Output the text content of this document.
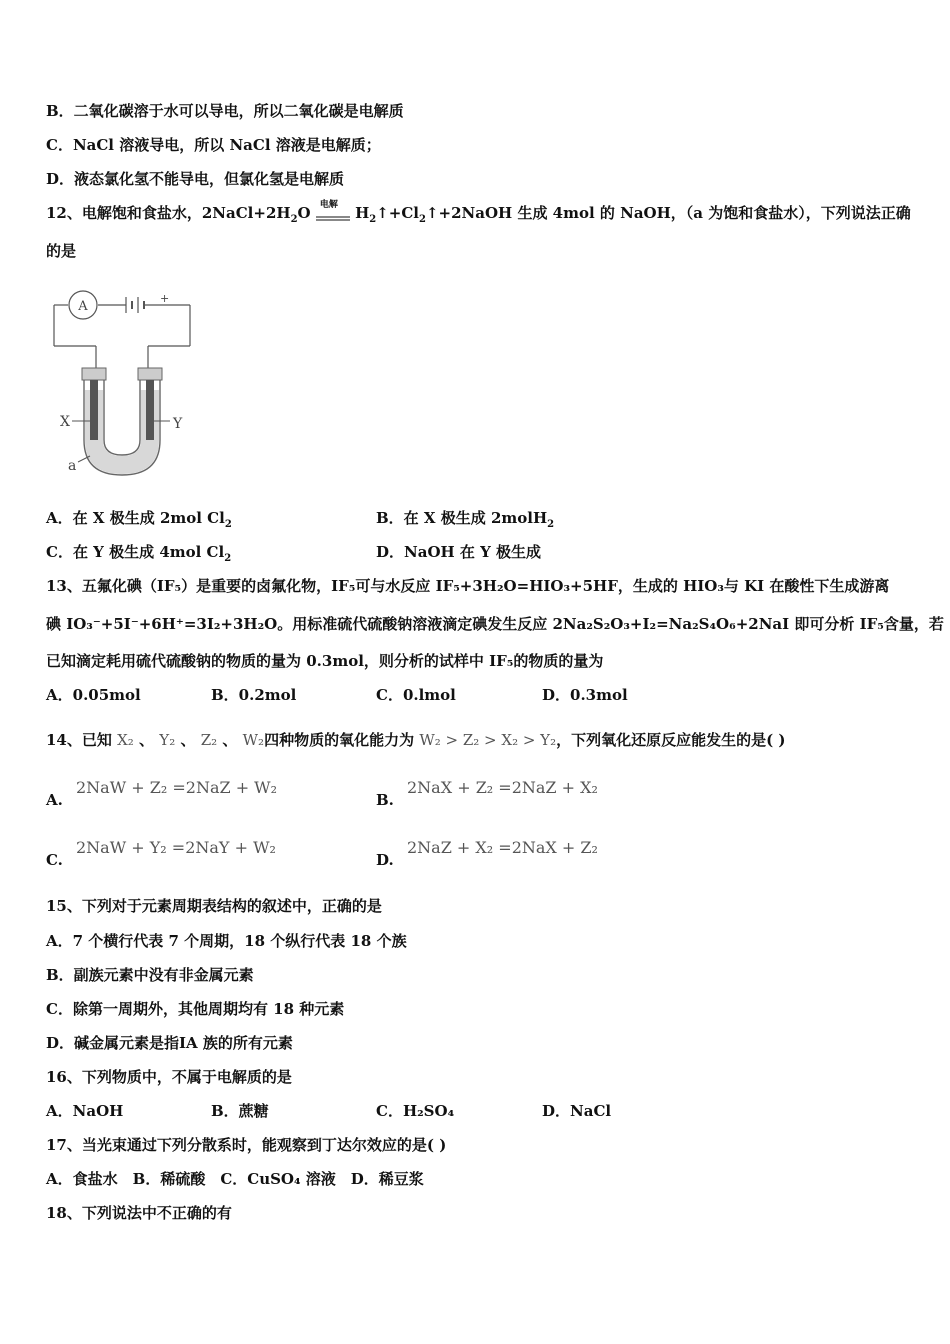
B．二氧化碳溶于水可以导电，所以二氧化碳是电解质
C．NaCl 溶液导电，所以 NaCl 溶液是电解质；
D．液态氯化氢不能导电，但氯化氢是电解质
12、电解饱和食盐水，$2NaCl+2H_2O$ 电解 $H_2↑+Cl_2↑+2NaOH$ 生成 4mol 的 NaOH，（a 为饱和食盐水），下列说法正确
的是
A
+
X	Y
a
A．在 X 极生成 2mol $Cl_2$	B．在 X 极生成 2molH$_2$
C．在 Y 极生成 4mol $Cl_2$	D．NaOH 在 Y 极生成
13、五氟化碘（IF₅）是重要的卤氟化物，IF₅可与水反应 IF₅+3H₂O=HIO₃+5HF，生成的 HIO₃与 KI 在酸性下生成游离
碘 IO₃⁻+5I⁻+6H⁺=3I₂+3H₂O。用标准硫代硫酸钠溶液滴定碘发生反应 2Na₂S₂O₃+I₂=Na₂S₄O₆+2NaI 即可分析 IF₅含量，若
已知滴定耗用硫代硫酸钠的物质的量为 0.3mol，则分析的试样中 IF₅的物质的量为
A．0.05mol	B．0.2mol	C．0.lmol	D．0.3mol
14、已知 X₂ 、 Y₂ 、 Z₂ 、 W₂四种物质的氧化能力为 W₂ > Z₂ > X₂ > Y₂，下列氧化还原反应能发生的是( )
A.
2NaW + Z₂ =2NaZ + W₂
B.
2NaX + Z₂ =2NaZ + X₂
C.
2NaW + Y₂ =2NaY + W₂
D.
2NaZ + X₂ =2NaX + Z₂
15、下列对于元素周期表结构的叙述中，正确的是
A．7 个横行代表 7 个周期，18 个纵行代表 18 个族
B．副族元素中没有非金属元素
C．除第一周期外，其他周期均有 18 种元素
D．碱金属元素是指ⅠA 族的所有元素
16、下列物质中，不属于电解质的是
A．NaOH	B．蔗糖	C．H₂SO₄	D．NaCl
17、当光束通过下列分散系时，能观察到丁达尔效应的是( )
A．食盐水　B．稀硫酸　C．CuSO₄ 溶液　D．稀豆浆
18、下列说法中不正确的有
